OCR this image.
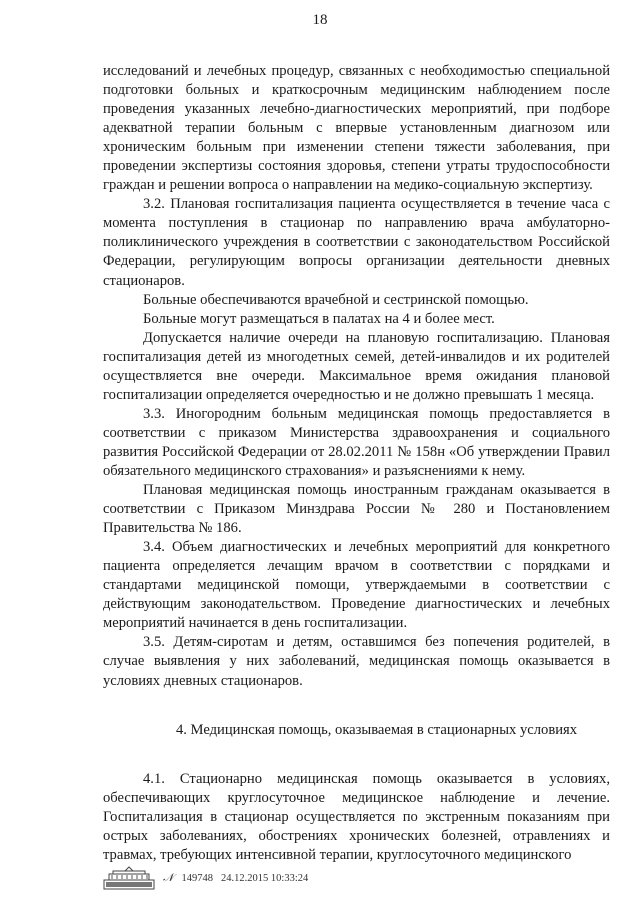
18

исследований и лечебных процедур, связанных с необходимостью специальной подготовки больных и краткосрочным медицинским наблюдением после проведения указанных лечебно-диагностических мероприятий, при подборе адекватной терапии больным с впервые установленным диагнозом или хроническим больным при изменении степени тяжести заболевания, при проведении экспертизы состояния здоровья, степени утраты трудоспособности граждан и решении вопроса о направлении на медико-социальную экспертизу.

3.2. Плановая госпитализация пациента осуществляется в течение часа с момента поступления в стационар по направлению врача амбулаторно-поликлинического учреждения в соответствии с законодательством Российской Федерации, регулирующим вопросы организации деятельности дневных стационаров.

Больные обеспечиваются врачебной и сестринской помощью.

Больные могут размещаться в палатах на 4 и более мест.

Допускается наличие очереди на плановую госпитализацию. Плановая госпитализация детей из многодетных семей, детей-инвалидов и их родителей осуществляется вне очереди. Максимальное время ожидания плановой госпитализации определяется очередностью и не должно превышать 1 месяца.

3.3. Иногородним больным медицинская помощь предоставляется в соответствии с приказом Министерства здравоохранения и социального развития Российской Федерации от 28.02.2011 № 158н «Об утверждении Правил обязательного медицинского страхования» и разъяснениями к нему.

Плановая медицинская помощь иностранным гражданам оказывается в соответствии с Приказом Минздрава России № 280 и Постановлением Правительства № 186.

3.4. Объем диагностических и лечебных мероприятий для конкретного пациента определяется лечащим врачом в соответствии с порядками и стандартами медицинской помощи, утверждаемыми в соответствии с действующим законодательством. Проведение диагностических и лечебных мероприятий начинается в день госпитализации.

3.5. Детям-сиротам и детям, оставшимся без попечения родителей, в случае выявления у них заболеваний, медицинская помощь оказывается в условиях дневных стационаров.

4. Медицинская помощь, оказываемая в стационарных условиях

4.1. Стационарно медицинская помощь оказывается в условиях, обеспечивающих круглосуточное медицинское наблюдение и лечение. Госпитализация в стационар осуществляется по экстренным показаниям при острых заболеваниях, обострениях хронических болезней, отравлениях и травмах, требующих интенсивной терапии, круглосуточного медицинского

𝒩 149748 24.12.2015 10:33:24
